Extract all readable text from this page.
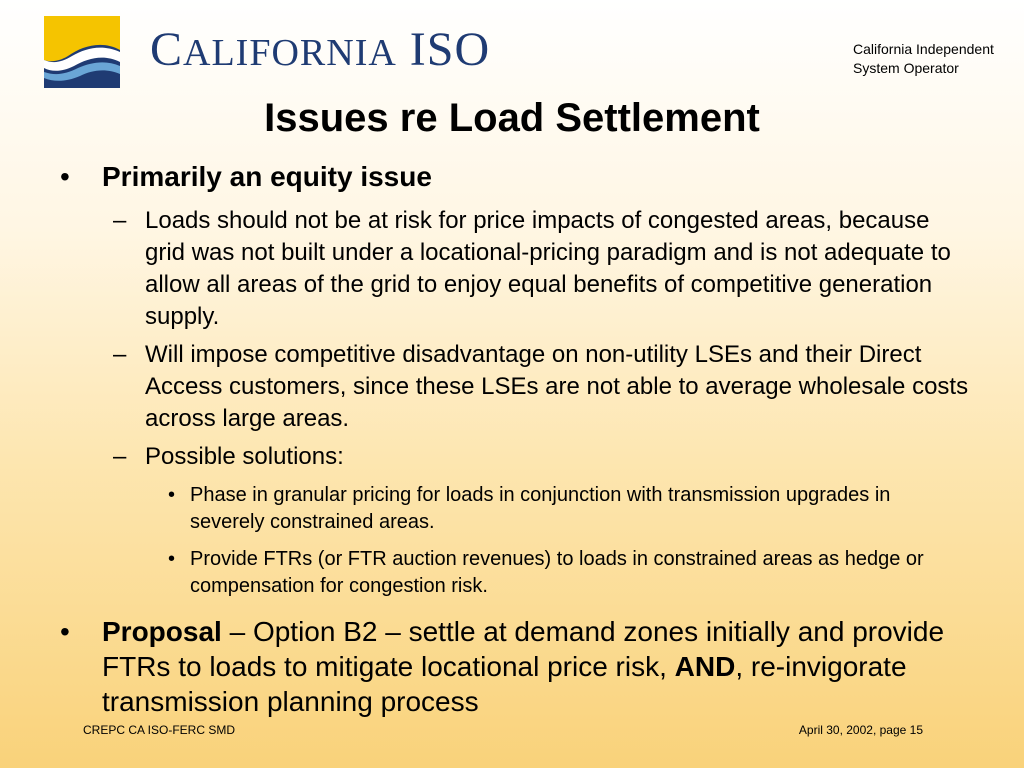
CALIFORNIA ISO	California Independent
System Operator
Issues re Load Settlement
• Primarily an equity issue
– Loads should not be at risk for price impacts of congested areas, because grid was not built under a locational-pricing paradigm and is not adequate to allow all areas of the grid to enjoy equal benefits of competitive generation supply.
– Will impose competitive disadvantage on non-utility LSEs and their Direct Access customers, since these LSEs are not able to average wholesale costs across large areas.
– Possible solutions:
• Phase in granular pricing for loads in conjunction with transmission upgrades in severely constrained areas.
• Provide FTRs (or FTR auction revenues) to loads in constrained areas as hedge or compensation for congestion risk.
• Proposal – Option B2 – settle at demand zones initially and provide FTRs to loads to mitigate locational price risk, AND, re-invigorate transmission planning process
CREPC CA ISO-FERC SMD	April 30, 2002, page 15
